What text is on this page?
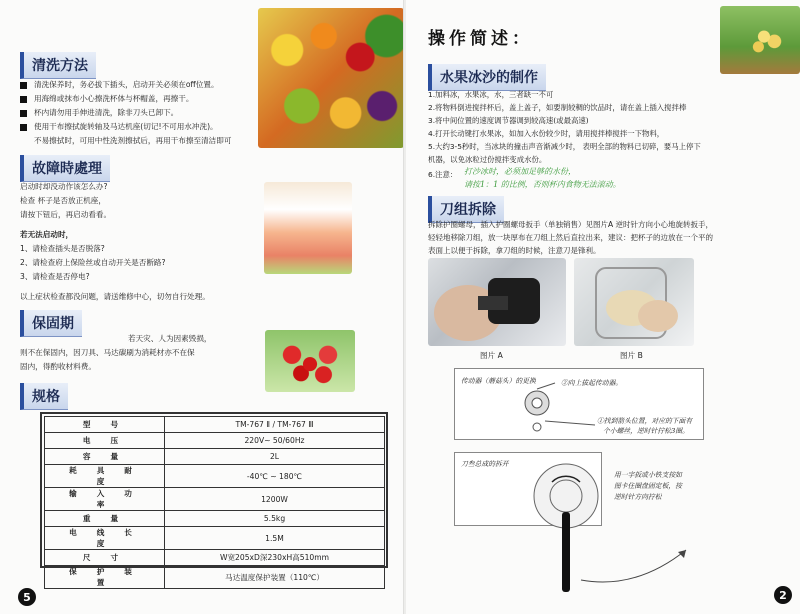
清洗方法
清洗保养时，务必拔下插头，启动开关必须在off位置。
用海绵或抹布小心擦洗杯体与杯帽盖，再擦干。
杯内请勿用手伸进清洗，除非刀头已卸下。
使用干布擦拭旋转轴及马达机座(切记!不可用水冲洗)。
不易擦拭时，可用中性洗剂擦拭后，再用干布擦至清洁即可
故障時處理
启动时却没动作该怎么办?
检查 杯子是否放正机座，
请按下钮后，再启动看看。
若无法启动时，
1、请检查插头是否脱落?
2、请检查府上保险丝或自动开关是否断路?
3、请检查是否停电?
以上症状检查都没问题，请送维修中心，切勿自行处理。
保固期
若天灾、人为因素毁损，
则不在保固内，因刀具、马达碳刷为消耗材亦不在保
固内，得酌收材料费。
规格
型号	TM-767 Ⅱ / TM-767 Ⅲ
电压	220V~ 50/60Hz
容量	2L
耗具耐度	-40℃ ~ 180℃
输入功率	1200W
重量	5.5kg
电线长度	1.5M
尺寸	W宽205xD深230xH高510mm
保护装置	马达温度保护装置（110℃）
5
操作简述：
水果冰沙的制作
1.加料冰，水果冰，水，三者缺一不可
2.将物料倒进搅拌杯后，盖上盖子，如要制较稠的饮品时，请在盖上插入搅拌棒
3.将中间位置的速度调节器调到较高速(或最高速)
4.打开长动键打水果冰，如加入水份较少时，请用搅拌棒搅拌一下物料，
5.大约3-5秒时，当冰块的撞击声音渐减少时， 表明全部的物料已切碎，要马上停下
机器，以免冰粒过份搅拌变成水份。
6.注意： 打沙冰时，必须加足够的水份，
请按1：1 的比例，否则杯内食物无法滚动。
刀组拆除
拆除护圈螺母，插入护圈螺母扳手（单独销售）见图片A 逆时针方向小心地旋转扳手，
轻轻地移除刀组，放一块厚布在刀组上然后直拉出来，建议：把杯子的边放在一个平的
表面上以便于拆除，拿刀组的时候，注意刀是锋利。
图片 A	图片 B
传动器（蘑菇头）的更换	②向上拔起传动器。
①找到箭头位置，对应的下面有
个小螺丝，逆时针拧松3圈。
刀叁总成的拆开
用一字扳或小铁支按如
图卡住圈盘固定板，按
逆时针方向拧松
2
